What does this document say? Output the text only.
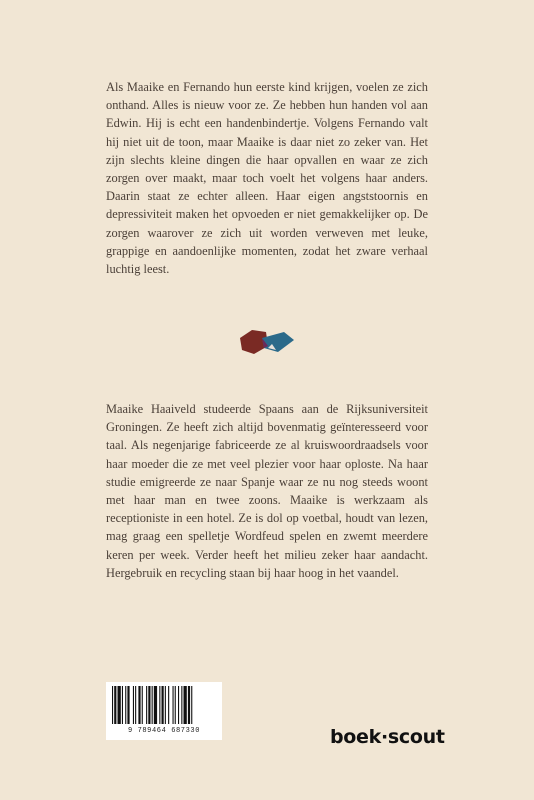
Als Maaike en Fernando hun eerste kind krijgen, voelen ze zich onthand. Alles is nieuw voor ze. Ze hebben hun handen vol aan Edwin. Hij is echt een handenbindertje. Volgens Fernando valt hij niet uit de toon, maar Maaike is daar niet zo zeker van. Het zijn slechts kleine dingen die haar opvallen en waar ze zich zorgen over maakt, maar toch voelt het volgens haar anders. Daarin staat ze echter alleen. Haar eigen angststoornis en depressiviteit maken het opvoeden er niet gemakkelijker op. De zorgen waarover ze zich uit worden verweven met leuke, grappige en aandoenlijke momenten, zodat het zware verhaal luchtig leest.

Maaike Haaiveld studeerde Spaans aan de Rijksuniversiteit Groningen. Ze heeft zich altijd bovenmatig geïnteresseerd voor taal. Als negenjarige fabriceerde ze al kruiswoordraadsels voor haar moeder die ze met veel plezier voor haar oploste. Na haar studie emigreerde ze naar Spanje waar ze nu nog steeds woont met haar man en twee zoons. Maaike is werkzaam als receptioniste in een hotel. Ze is dol op voetbal, houdt van lezen, mag graag een spelletje Wordfeud spelen en zwemt meerdere keren per week. Verder heeft het milieu zeker haar aandacht. Hergebruik en recycling staan bij haar hoog in het vaandel.

9 789464 687330	boek·scout
